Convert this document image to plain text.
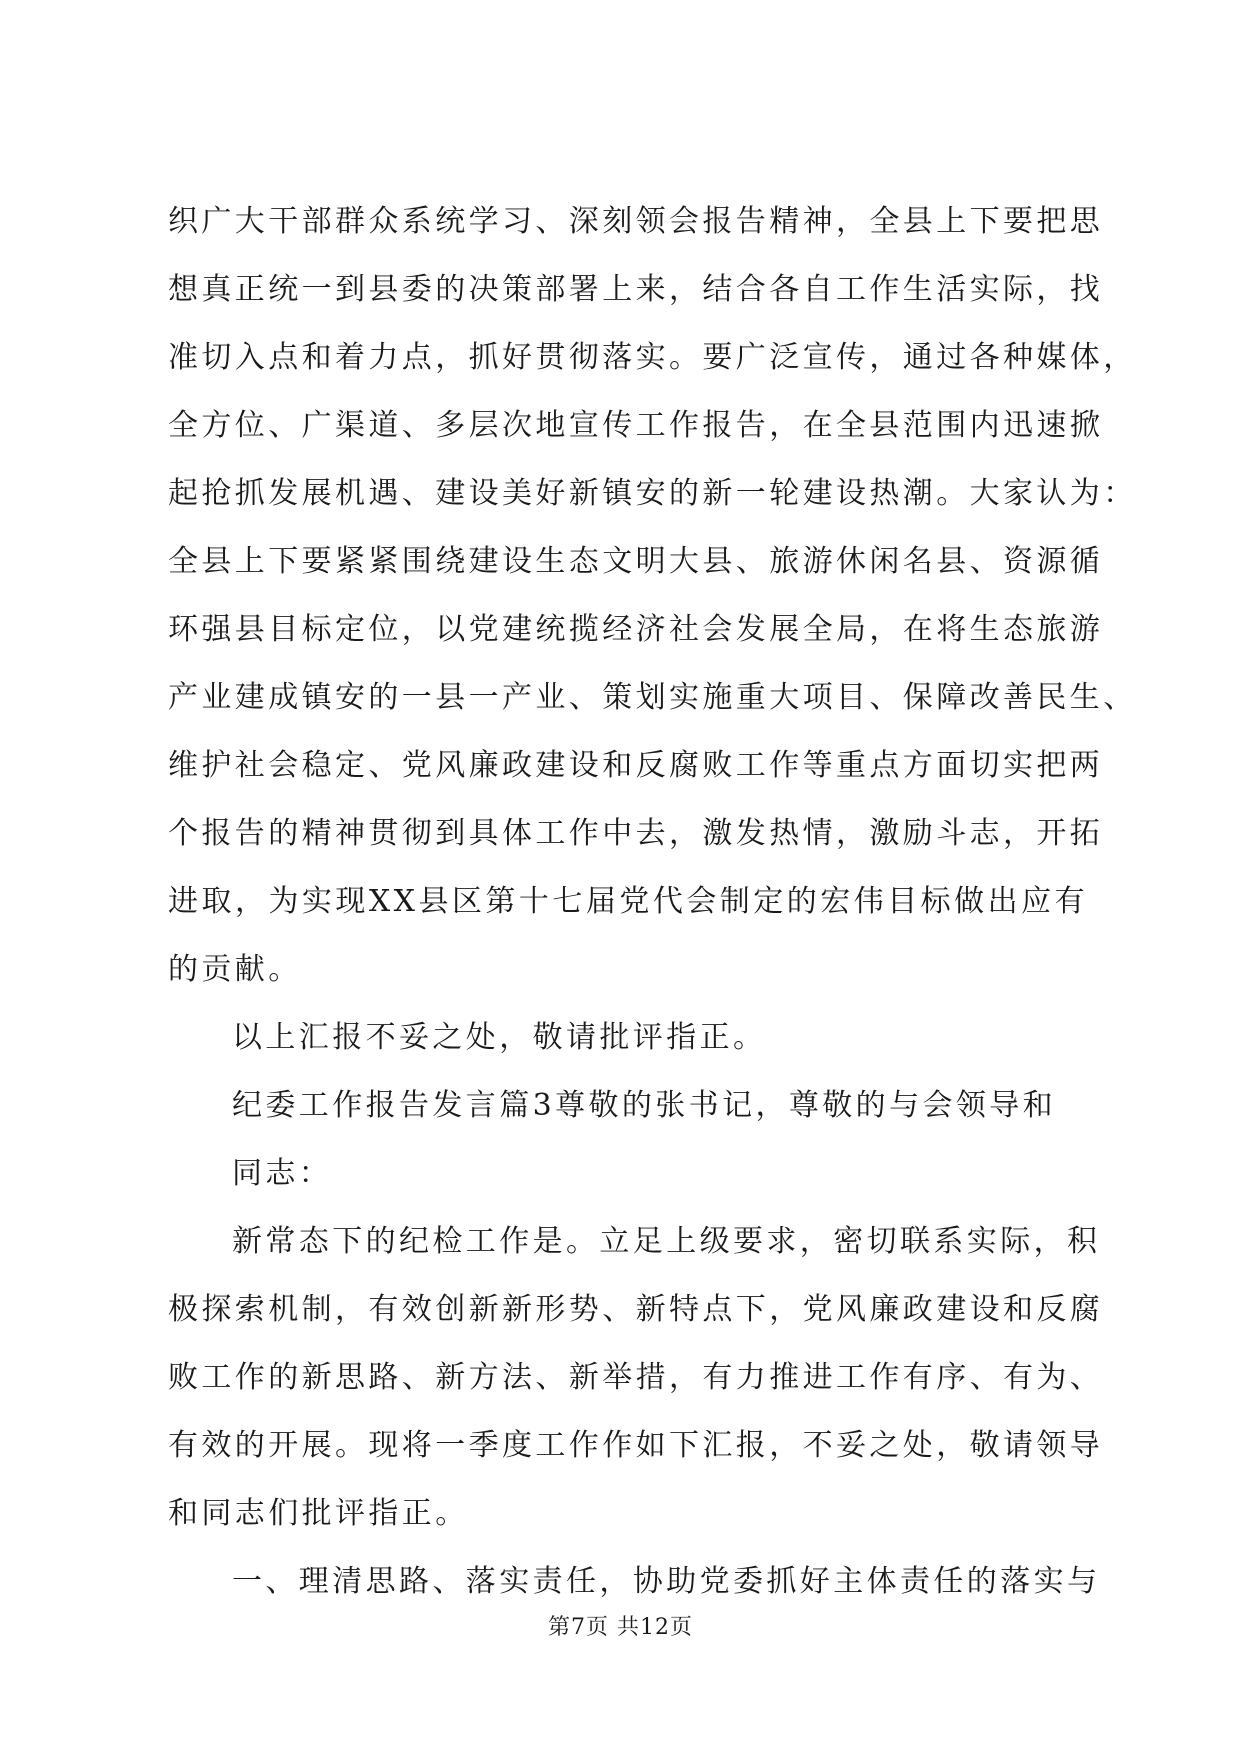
织广大干部群众系统学习、深刻领会报告精神，全县上下要把思
想真正统一到县委的决策部署上来，结合各自工作生活实际，找
准切入点和着力点，抓好贯彻落实。要广泛宣传，通过各种媒体，
全方位、广渠道、多层次地宣传工作报告，在全县范围内迅速掀
起抢抓发展机遇、建设美好新镇安的新一轮建设热潮。大家认为：
全县上下要紧紧围绕建设生态文明大县、旅游休闲名县、资源循
环强县目标定位，以党建统揽经济社会发展全局，在将生态旅游
产业建成镇安的一县一产业、策划实施重大项目、保障改善民生、
维护社会稳定、党风廉政建设和反腐败工作等重点方面切实把两
个报告的精神贯彻到具体工作中去，激发热情，激励斗志，开拓
进取，为实现XX县区第十七届党代会制定的宏伟目标做出应有
的贡献。
以上汇报不妥之处，敬请批评指正。
纪委工作报告发言篇3尊敬的张书记，尊敬的与会领导和
同志：
新常态下的纪检工作是。立足上级要求，密切联系实际，积
极探索机制，有效创新新形势、新特点下，党风廉政建设和反腐
败工作的新思路、新方法、新举措，有力推进工作有序、有为、
有效的开展。现将一季度工作作如下汇报，不妥之处，敬请领导
和同志们批评指正。
一、理清思路、落实责任，协助党委抓好主体责任的落实与
第7页 共12页
